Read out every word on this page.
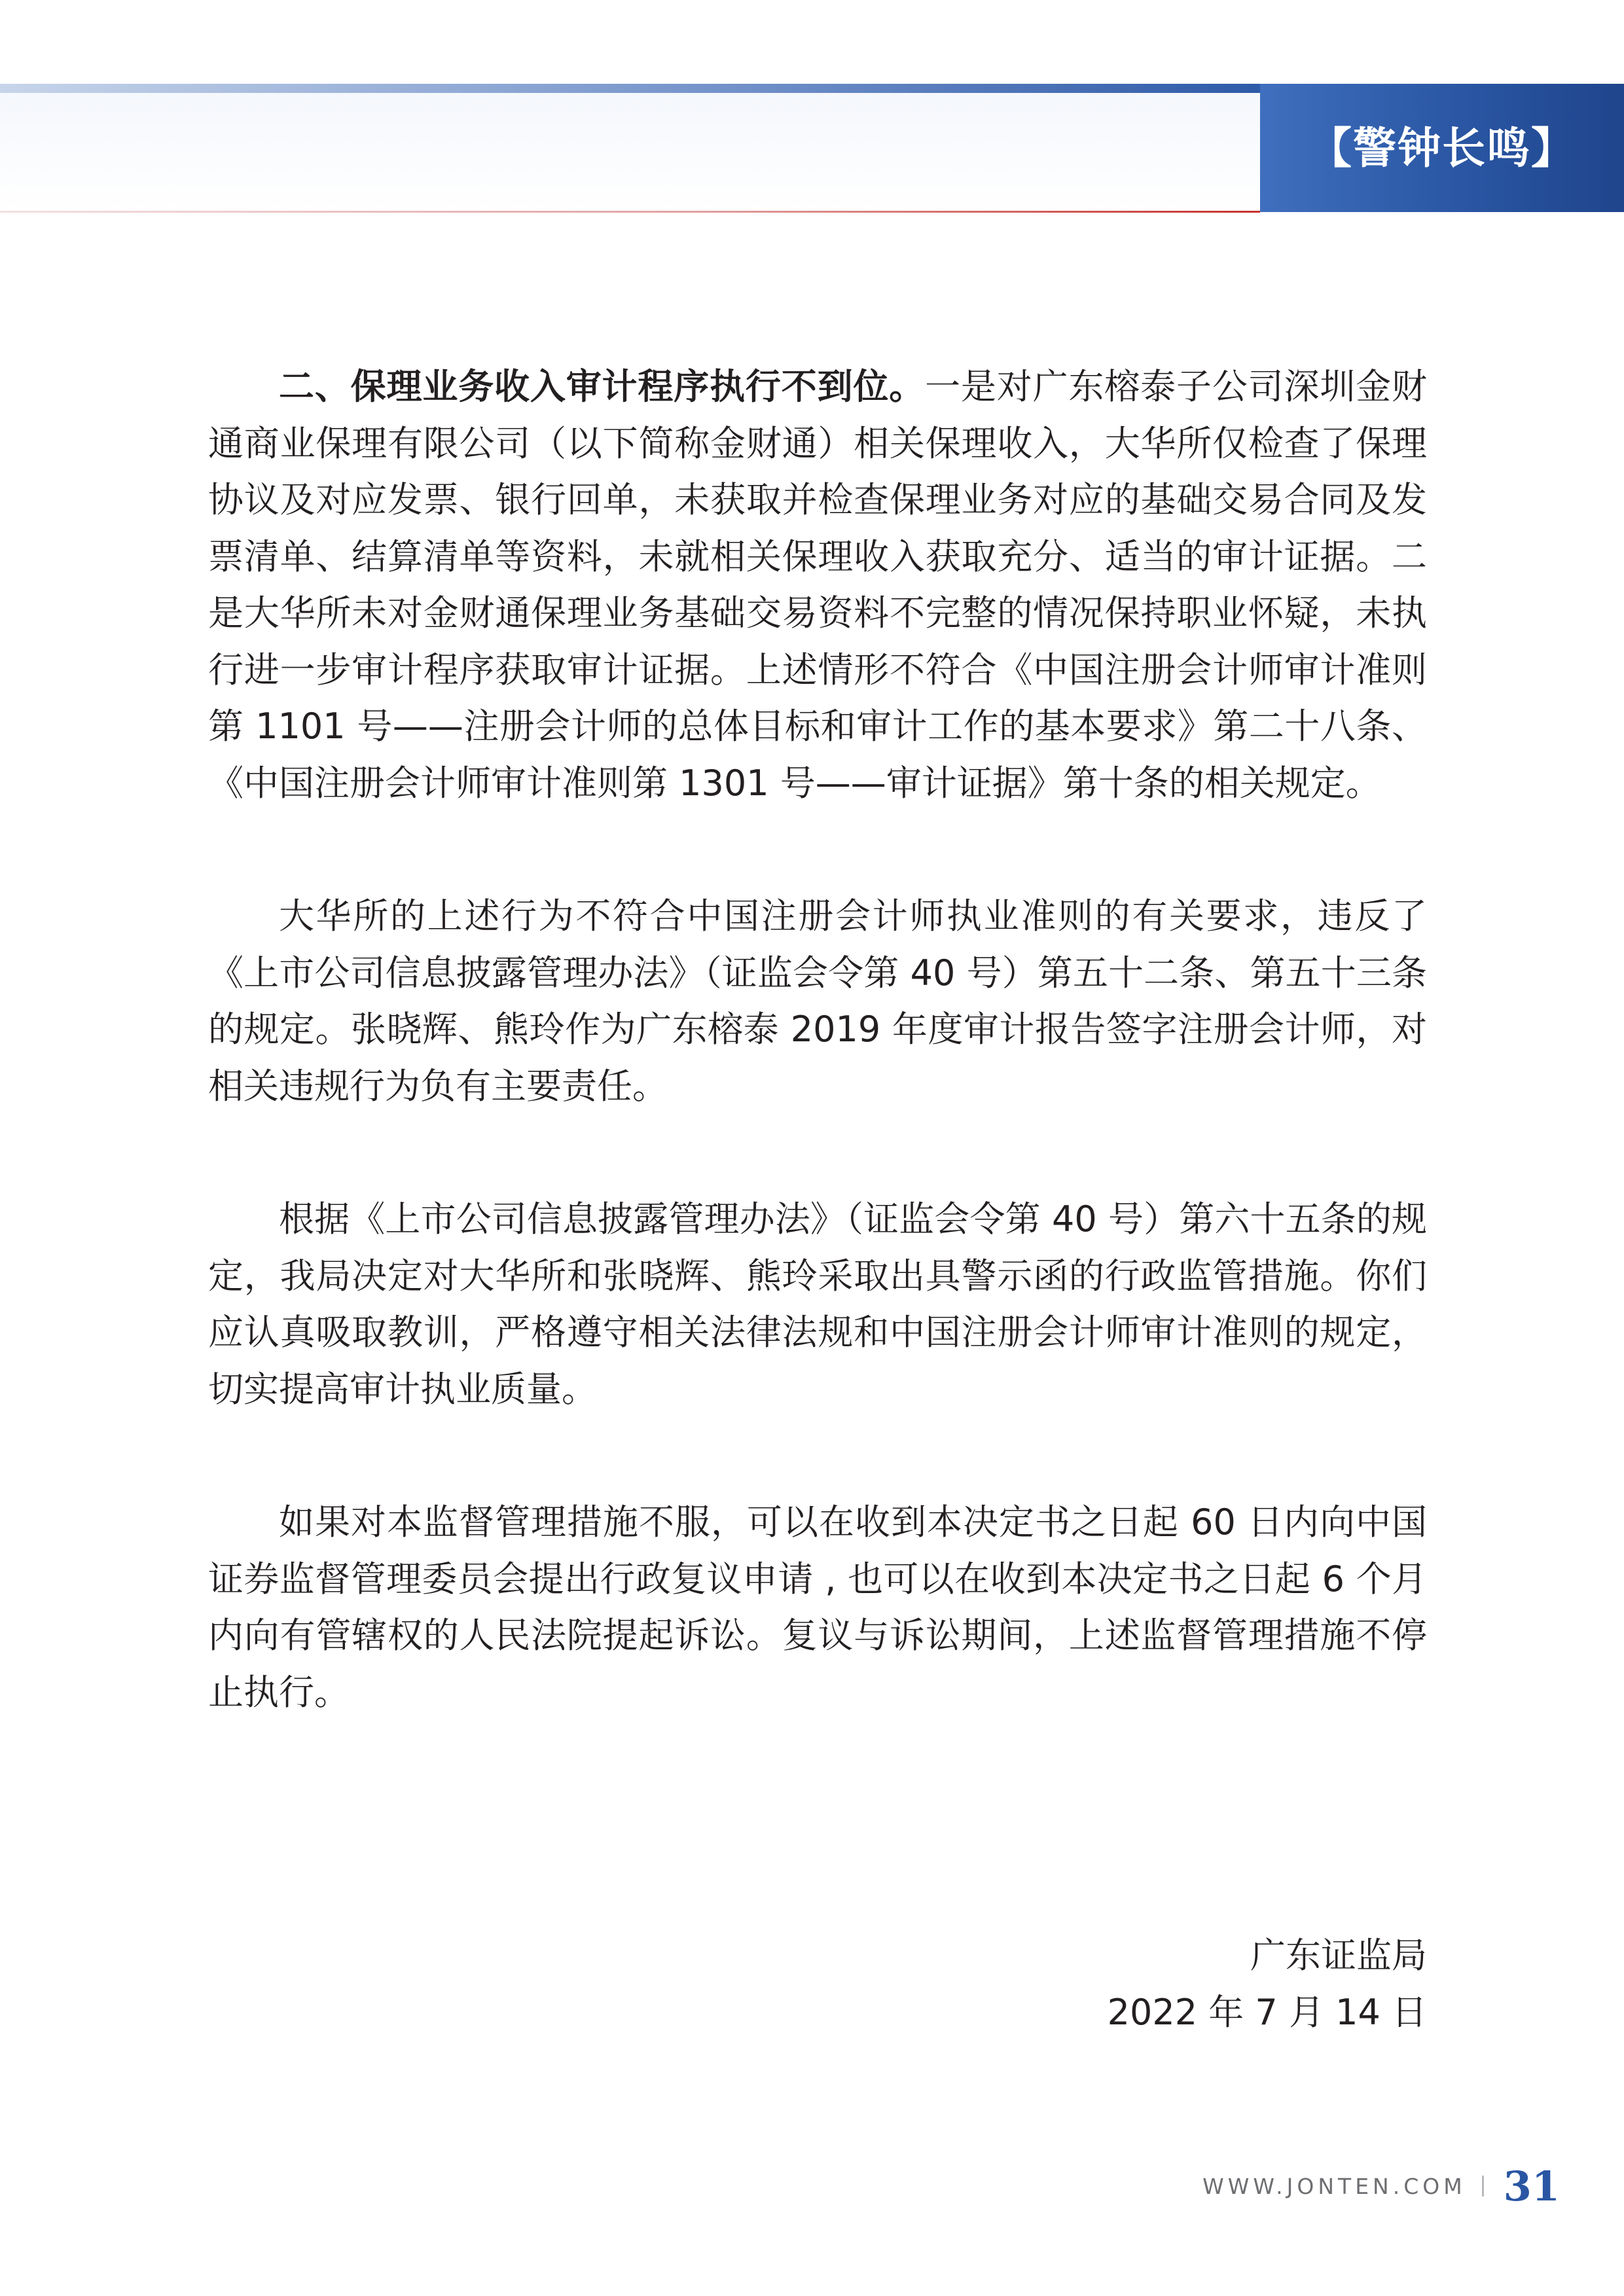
【警钟长鸣】

二、保理业务收入审计程序执行不到位。一是对广东榕泰子公司深圳金财通商业保理有限公司（以下简称金财通）相关保理收入，大华所仅检查了保理协议及对应发票、银行回单，未获取并检查保理业务对应的基础交易合同及发票清单、结算清单等资料，未就相关保理收入获取充分、适当的审计证据。二是大华所未对金财通保理业务基础交易资料不完整的情况保持职业怀疑，未执行进一步审计程序获取审计证据。上述情形不符合《中国注册会计师审计准则第 1101 号——注册会计师的总体目标和审计工作的基本要求》第二十八条、《中国注册会计师审计准则第 1301 号——审计证据》第十条的相关规定。

大华所的上述行为不符合中国注册会计师执业准则的有关要求，违反了《上市公司信息披露管理办法》（证监会令第 40 号）第五十二条、第五十三条的规定。张晓辉、熊玲作为广东榕泰 2019 年度审计报告签字注册会计师，对相关违规行为负有主要责任。

根据《上市公司信息披露管理办法》（证监会令第 40 号）第六十五条的规定，我局决定对大华所和张晓辉、熊玲采取出具警示函的行政监管措施。你们应认真吸取教训，严格遵守相关法律法规和中国注册会计师审计准则的规定，切实提高审计执业质量。

如果对本监督管理措施不服，可以在收到本决定书之日起 60 日内向中国证券监督管理委员会提出行政复议申请 , 也可以在收到本决定书之日起 6 个月内向有管辖权的人民法院提起诉讼。复议与诉讼期间，上述监督管理措施不停止执行。

广东证监局
2022 年 7 月 14 日
WWW.JONTEN.COM 31
